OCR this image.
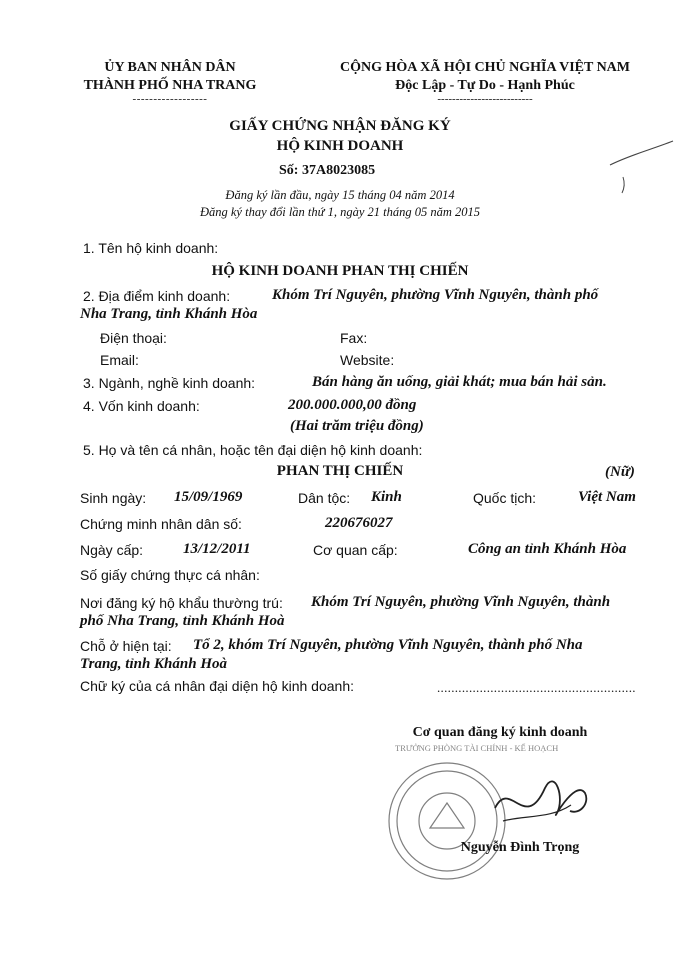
ỦY BAN NHÂN DÂN
THÀNH PHỐ NHA TRANG
------------------
CỘNG HÒA XÃ HỘI CHỦ NGHĨA VIỆT NAM
Độc Lập - Tự Do - Hạnh Phúc
--------------------------
GIẤY CHỨNG NHẬN ĐĂNG KÝ
HỘ KINH DOANH
Số: 37A8023085
Đăng ký lần đầu, ngày 15 tháng 04 năm 2014
Đăng ký thay đổi lần thứ 1, ngày 21 tháng 05 năm 2015
1. Tên hộ kinh doanh:
HỘ KINH DOANH PHAN THỊ CHIẾN
2. Địa điểm kinh doanh:	Khóm Trí Nguyên, phường Vĩnh Nguyên, thành phố
Nha Trang, tỉnh Khánh Hòa
Điện thoại:	Fax:
Email:	Website:
3. Ngành, nghề kinh doanh:	Bán hàng ăn uống, giải khát; mua bán hải sản.
4. Vốn kinh doanh:	200.000.000,00 đồng
(Hai trăm triệu đồng)
5. Họ và tên cá nhân, hoặc tên đại diện hộ kinh doanh:
PHAN THỊ CHIẾN	(Nữ)
Sinh ngày: 15/09/1969	Dân tộc: Kinh	Quốc tịch:	Việt Nam
Chứng minh nhân dân số:	220676027
Ngày cấp:	13/12/2011	Cơ quan cấp:	Công an tỉnh Khánh Hòa
Số giấy chứng thực cá nhân:
Nơi đăng ký hộ khẩu thường trú: Khóm Trí Nguyên, phường Vĩnh Nguyên, thành
phố Nha Trang, tỉnh Khánh Hoà
Chỗ ở hiện tại: Tổ 2, khóm Trí Nguyên, phường Vĩnh Nguyên, thành phố Nha
Trang, tỉnh Khánh Hoà
Chữ ký của cá nhân đại diện hộ kinh doanh:	........................................................
Cơ quan đăng ký kinh doanh
TRƯỞNG PHÒNG TÀI CHÍNH - KẾ HOẠCH
Nguyễn Đình Trọng
